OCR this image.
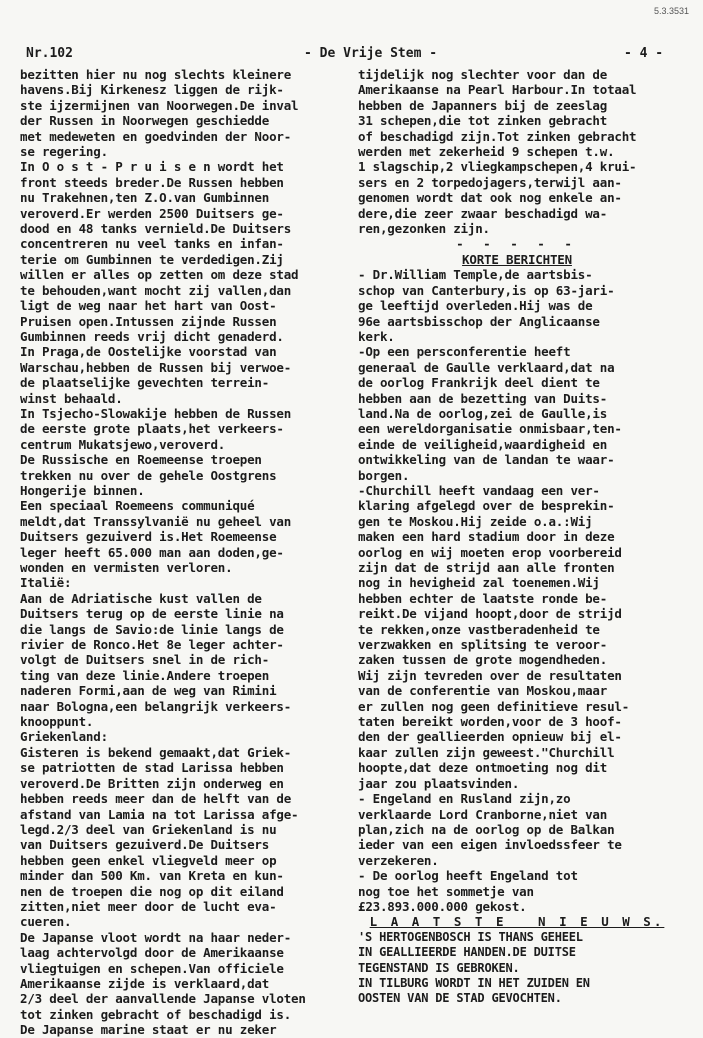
5.3.3531
Nr.102	- De Vrije Stem -	- 4 -

bezitten hier nu nog slechts kleinere
havens.Bij Kirkenesz liggen de rijk-
ste ijzermijnen van Noorwegen.De inval
der Russen in Noorwegen geschiedde
met medeweten en goedvinden der Noor-
se regering.

In O o s t - P r u i s e n wordt het
front steeds breder.De Russen hebben
nu Trakehnen,ten Z.O.van Gumbinnen
veroverd.Er werden 2500 Duitsers ge-
dood en 48 tanks vernield.De Duitsers
concentreren nu veel tanks en infan-
terie om Gumbinnen te verdedigen.Zij
willen er alles op zetten om deze stad
te behouden,want mocht zij vallen,dan
ligt de weg naar het hart van Oost-
Pruisen open.Intussen zijnde Russen
Gumbinnen reeds vrij dicht genaderd.

In Praga,de Oostelijke voorstad van
Warschau,hebben de Russen bij verwoe-
de plaatselijke gevechten terrein-
winst behaald.

In Tsjecho-Slowakije hebben de Russen
de eerste grote plaats,het verkeers-
centrum Mukatsjewo,veroverd.

De Russische en Roemeense troepen
trekken nu over de gehele Oostgrens
Hongerije binnen.

Een speciaal Roemeens communiqué
meldt,dat Transsylvanië nu geheel van
Duitsers gezuiverd is.Het Roemeense
leger heeft 65.000 man aan doden,ge-
wonden en vermisten verloren.

Italië:
Aan de Adriatische kust vallen de
Duitsers terug op de eerste linie na
die langs de Savio:de linie langs de
rivier de Ronco.Het 8e leger achter-
volgt de Duitsers snel in de rich-
ting van deze linie.Andere troepen
naderen Formi,aan de weg van Rimini
naar Bologna,een belangrijk verkeers-
knooppunt.

Griekenland:
Gisteren is bekend gemaakt,dat Griek-
se patriotten de stad Larissa hebben
veroverd.De Britten zijn onderweg en
hebben reeds meer dan de helft van de
afstand van Lamia na tot Larissa afge-
legd.2/3 deel van Griekenland is nu
van Duitsers gezuiverd.De Duitsers
hebben geen enkel vliegveld meer op
minder dan 500 Km. van Kreta en kun-
nen de troepen die nog op dit eiland
zitten,niet meer door de lucht eva-
cueren.

De Japanse vloot wordt na haar neder-
laag achtervolgd door de Amerikaanse
vliegtuigen en schepen.Van officiele
Amerikaanse zijde is verklaard,dat
2/3 deel der aanvallende Japanse vloten
tot zinken gebracht of beschadigd is.
De Japanse marine staat er nu zeker

tijdelijk nog slechter voor dan de
Amerikaanse na Pearl Harbour.In totaal
hebben de Japanners bij de zeeslag
31 schepen,die tot zinken gebracht
of beschadigd zijn.Tot zinken gebracht
werden met zekerheid 9 schepen t.w.
1 slagschip,2 vliegkampschepen,4 krui-
sers en 2 torpedojagers,terwijl aan-
genomen wordt dat ook nog enkele an-
dere,die zeer zwaar beschadigd wa-
ren,gezonken zijn.

- - - - -

KORTE BERICHTEN

- Dr.William Temple,de aartsbis-
schop van Canterbury,is op 63-jari-
ge leeftijd overleden.Hij was de
96e aartsbisschop der Anglicaanse
kerk.

-Op een persconferentie heeft
generaal de Gaulle verklaard,dat na
de oorlog Frankrijk deel dient te
hebben aan de bezetting van Duits-
land.Na de oorlog,zei de Gaulle,is
een wereldorganisatie onmisbaar,ten-
einde de veiligheid,waardigheid en
ontwikkeling van de landan te waar-
borgen.

-Churchill heeft vandaag een ver-
klaring afgelegd over de besprekin-
gen te Moskou.Hij zeide o.a.:Wij
maken een hard stadium door in deze
oorlog en wij moeten erop voorbereid
zijn dat de strijd aan alle fronten
nog in hevigheid zal toenemen.Wij
hebben echter de laatste ronde be-
reikt.De vijand hoopt,door de strijd
te rekken,onze vastberadenheid te
verzwakken en splitsing te veroor-
zaken tussen de grote mogendheden.
Wij zijn tevreden over de resultaten
van de conferentie van Moskou,maar
er zullen nog geen definitieve resul-
taten bereikt worden,voor de 3 hoof-
den der geallieerden opnieuw bij el-
kaar zullen zijn geweest."Churchill
hoopte,dat deze ontmoeting nog dit
jaar zou plaatsvinden.

- Engeland en Rusland zijn,zo
verklaarde Lord Cranborne,niet van
plan,zich na de oorlog op de Balkan
ieder van een eigen invloedssfeer te
verzekeren.

- De oorlog heeft Engeland tot
nog toe het sommetje van
£23.893.000.000 gekost.

L A A T S T E   N I E U W S.

'S HERTOGENBOSCH IS THANS GEHEEL
IN GEALLIEERDE HANDEN.DE DUITSE
TEGENSTAND IS GEBROKEN.

IN TILBURG WORDT IN HET ZUIDEN EN
OOSTEN VAN DE STAD GEVOCHTEN.
